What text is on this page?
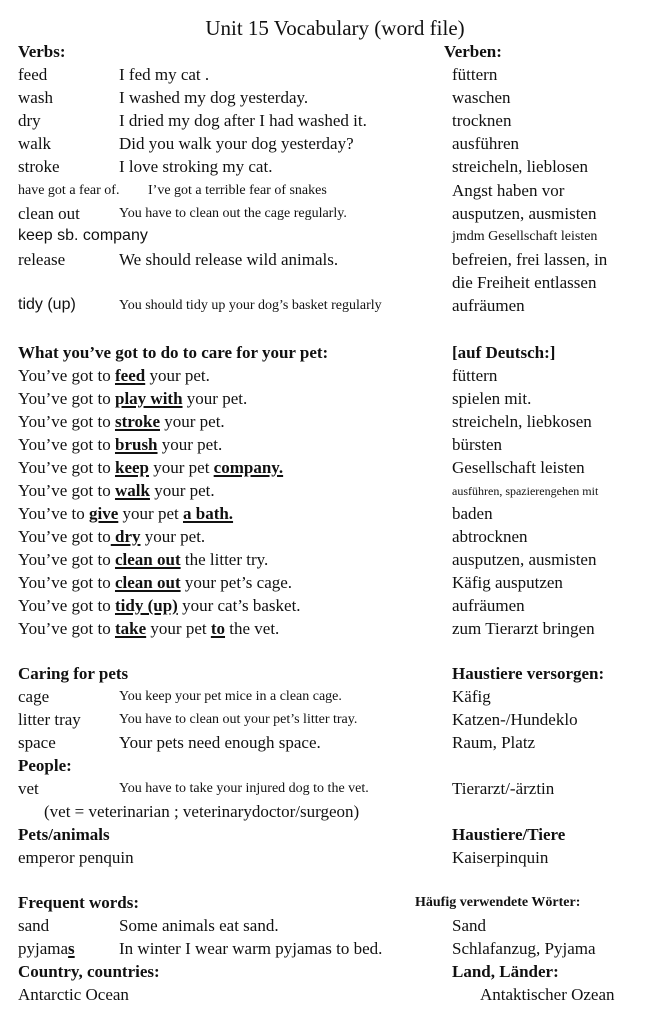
Unit 15 Vocabulary (word file)
Verbs:	Verben:
feed	I fed my cat .	füttern
wash	I washed my dog yesterday.	waschen
dry	I dried my dog after I had washed it.	trocknen
walk	Did you walk your dog yesterday?	ausführen
stroke	I love stroking my cat.	streicheln, lieblosen
have got a fear of. I’ve got a terrible fear of snakes	Angst haben vor
clean out	You have to clean out the cage regularly.	ausputzen, ausmisten
keep sb. company	jmdm Gesellschaft leisten
release	We should release wild animals.	befreien, frei lassen, in
die Freiheit entlassen
tidy (up)	You should tidy up your dog’s basket regularly	aufräumen
What you’ve got to do to care for your pet:	[auf Deutsch:]
You’ve got to feed your pet.	füttern
You’ve got to play with your pet.	spielen mit.
You’ve got to stroke your pet.	streicheln, liebkosen
You’ve got to brush your pet.	bürsten
You’ve got to keep your pet company.	Gesellschaft leisten
You’ve got to walk your pet.	ausführen, spazierengehen mit
You’ve to give your pet a bath.	baden
You’ve got to dry your pet.	abtrocknen
You’ve got to clean out the litter try.	ausputzen, ausmisten
You’ve got to clean out your pet’s cage.	Käfig ausputzen
You’ve got to tidy (up) your cat’s basket.	aufräumen
You’ve got to take your pet to the vet.	zum Tierarzt bringen
Caring for pets	Haustiere versorgen:
cage	You keep your pet mice in a clean cage.	Käfig
litter tray	You have to clean out your pet’s litter tray.	Katzen-/Hundeklo
space	Your pets need enough space.	Raum, Platz
People:
vet	You have to take your injured dog to the vet.	Tierarzt/-ärztin
(vet = veterinarian ; veterinarydoctor/surgeon)
Pets/animals	Haustiere/Tiere
emperor penquin	Kaiserpinquin
Frequent words:	Häufig verwendete Wörter:
sand	Some animals eat sand.	Sand
pyjamas	In winter I wear warm pyjamas to bed.	Schlafanzug, Pyjama
Country, countries:	Land, Länder:
Antarctic Ocean	Antaktischer Ozean
